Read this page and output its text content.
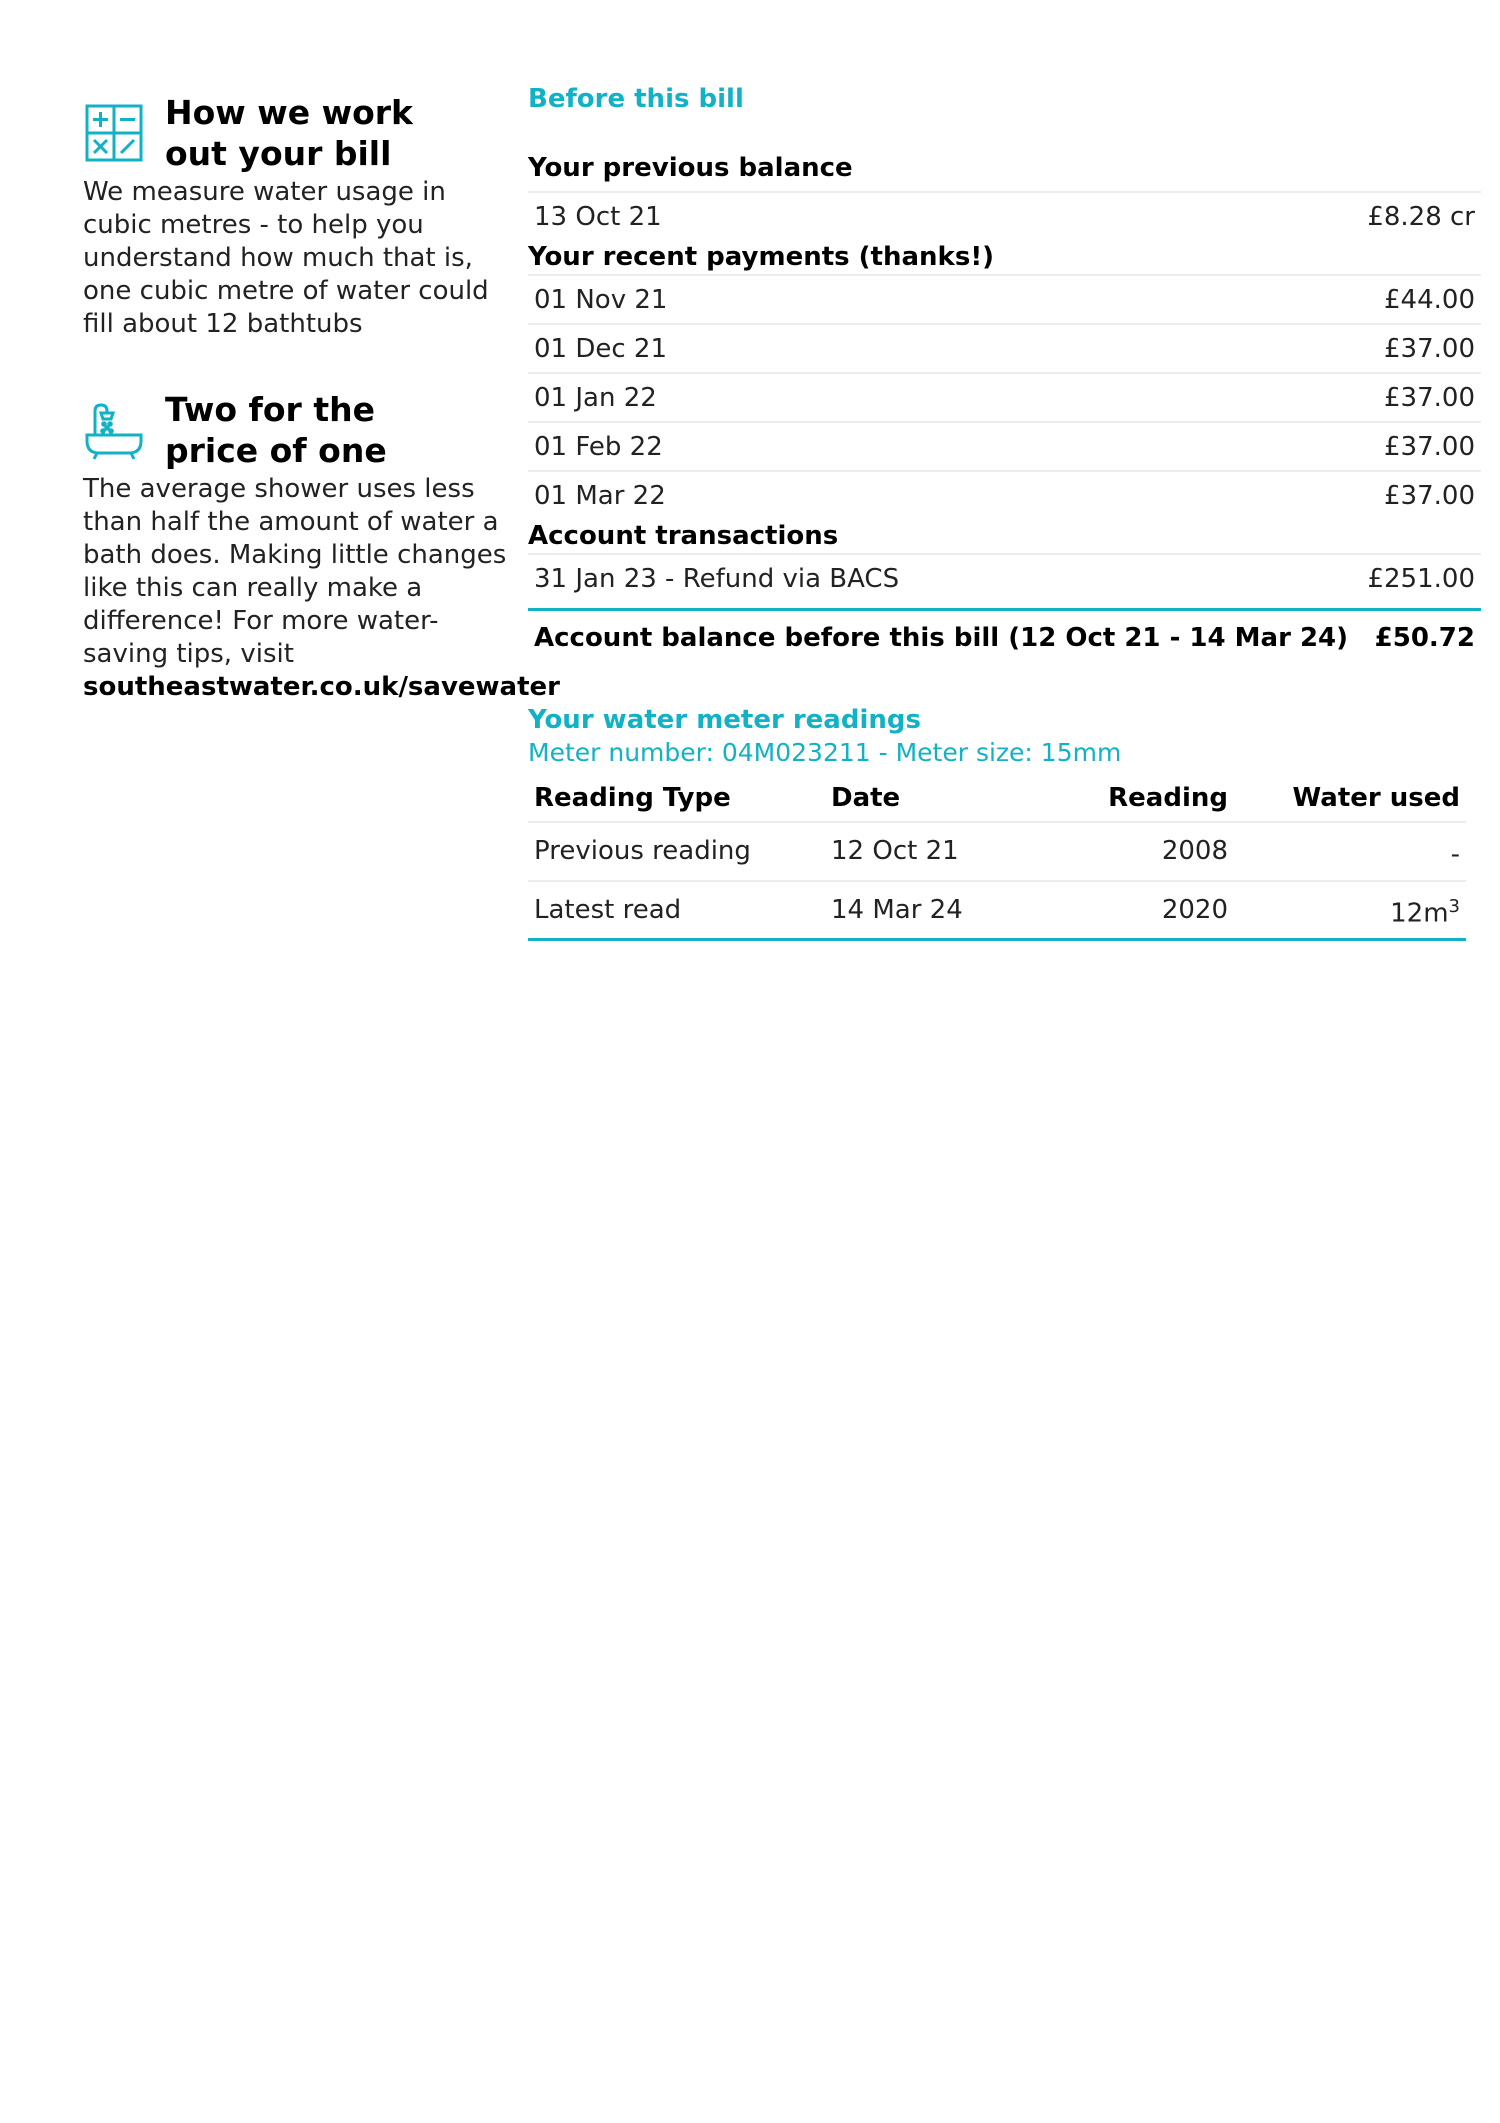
How we work
out your bill
We measure water usage in cubic metres - to help you understand how much that is, one cubic metre of water could fill about 12 bathtubs
Two for the
price of one
The average shower uses less than half the amount of water a bath does. Making little changes like this can really make a difference! For more water-saving tips, visit
southeastwater.co.uk/savewater
Before this bill
Your previous balance
13 Oct 21	£8.28 cr
Your recent payments (thanks!)
01 Nov 21	£44.00
01 Dec 21	£37.00
01 Jan 22	£37.00
01 Feb 22	£37.00
01 Mar 22	£37.00
Account transactions
31 Jan 23 - Refund via BACS	£251.00
Account balance before this bill (12 Oct 21 - 14 Mar 24)	£50.72
Your water meter readings
Meter number: 04M023211 - Meter size: 15mm
Reading Type	Date	Reading	Water used
Previous reading	12 Oct 21	2008	-
Latest read	14 Mar 24	2020	$12m^3$
